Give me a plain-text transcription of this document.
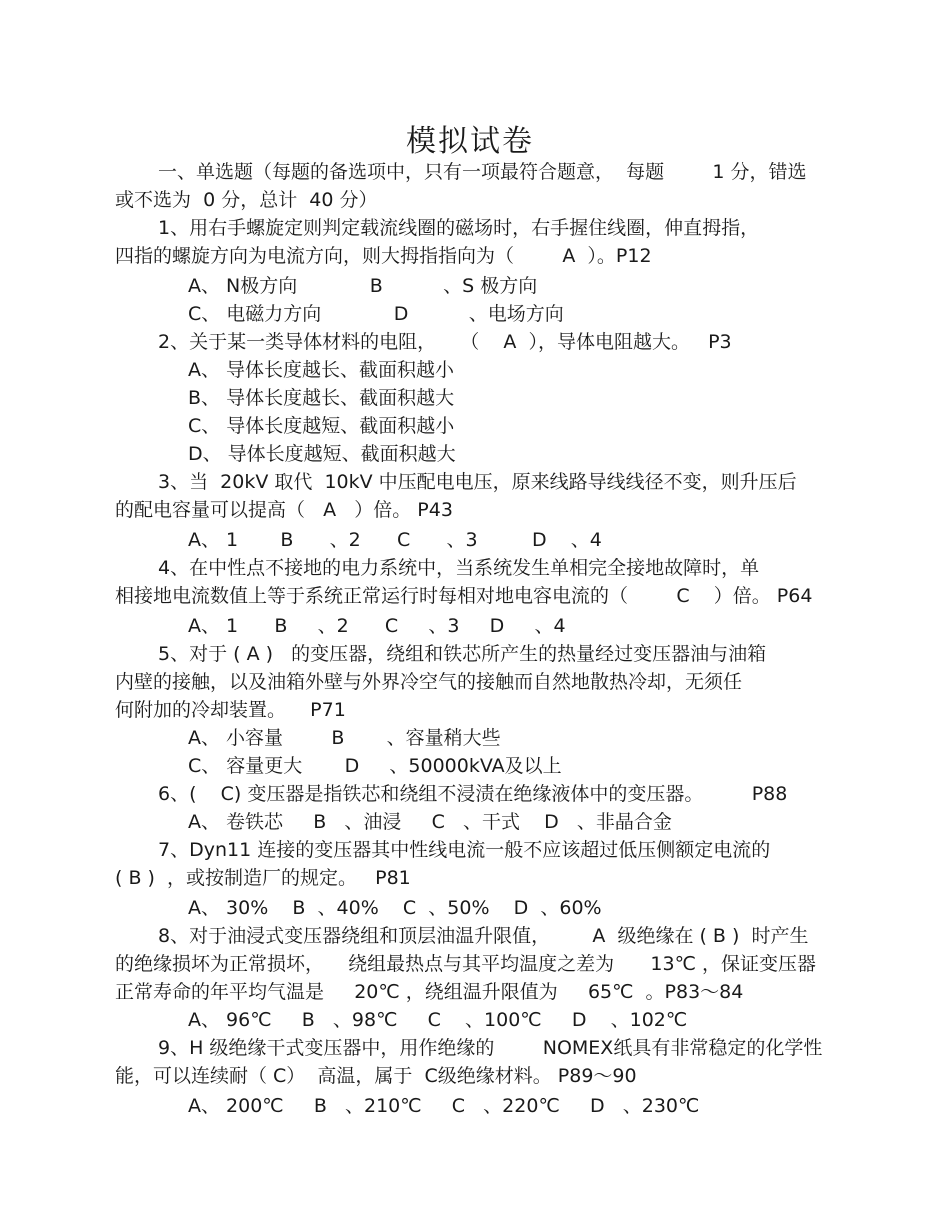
模拟试卷
一、单选题（每题的备选项中，只有一项最符合题意，  每题        1 分，错选
或不选为  0 分，总计  40 分）
1、用右手螺旋定则判定载流线圈的磁场时，右手握住线圈，伸直拇指，
四指的螺旋方向为电流方向，则大拇指指向为（        A  ）。P12
A、 N极方向            B          、S 极方向
C、 电磁力方向            D          、电场方向
2、关于某一类导体材料的电阻，    （    A  ），导体电阻越大。   P3
A、 导体长度越长、截面积越小
B、 导体长度越长、截面积越大
C、 导体长度越短、截面积越小
D、 导体长度越短、截面积越大
3、当  20kV 取代  10kV 中压配电电压，原来线路导线线径不变，则升压后
的配电容量可以提高（   A   ）倍。 P43
A、 1       B      、2      C      、3         D    、4
4、在中性点不接地的电力系统中，当系统发生单相完全接地故障时，单
相接地电流数值上等于系统正常运行时每相对地电容电流的（        C    ）倍。 P64
A、 1      B     、2      C     、3     D     、4
5、对于 ( A )   的变压器，绕组和铁芯所产生的热量经过变压器油与油箱
内壁的接触，以及油箱外壁与外界冷空气的接触而自然地散热冷却，无须任
何附加的冷却装置。    P71
A、 小容量        B       、容量稍大些
C、 容量更大       D     、50000kVA及以上
6、(    C) 变压器是指铁芯和绕组不浸渍在绝缘液体中的变压器。        P88
A、 卷铁芯     B   、油浸     C   、干式    D   、非晶合金
7、Dyn11 连接的变压器其中性线电流一般不应该超过低压侧额定电流的
( B )  ，或按制造厂的规定。   P81
A、 30%    B  、40%    C  、50%    D  、60%
8、对于油浸式变压器绕组和顶层油温升限值，       A  级绝缘在 ( B )  时产生
的绝缘损坏为正常损坏，    绕组最热点与其平均温度之差为      13℃ ，保证变压器
正常寿命的年平均气温是     20℃ ，绕组温升限值为     65℃  。P83～84
A、 96℃     B   、98℃     C    、100℃     D    、102℃
9、H 级绝缘干式变压器中，用作绝缘的        NOMEX纸具有非常稳定的化学性
能，可以连续耐（ C）  高温，属于  C级绝缘材料。 P89～90
A、 200℃     B   、210℃     C   、220℃     D   、230℃
